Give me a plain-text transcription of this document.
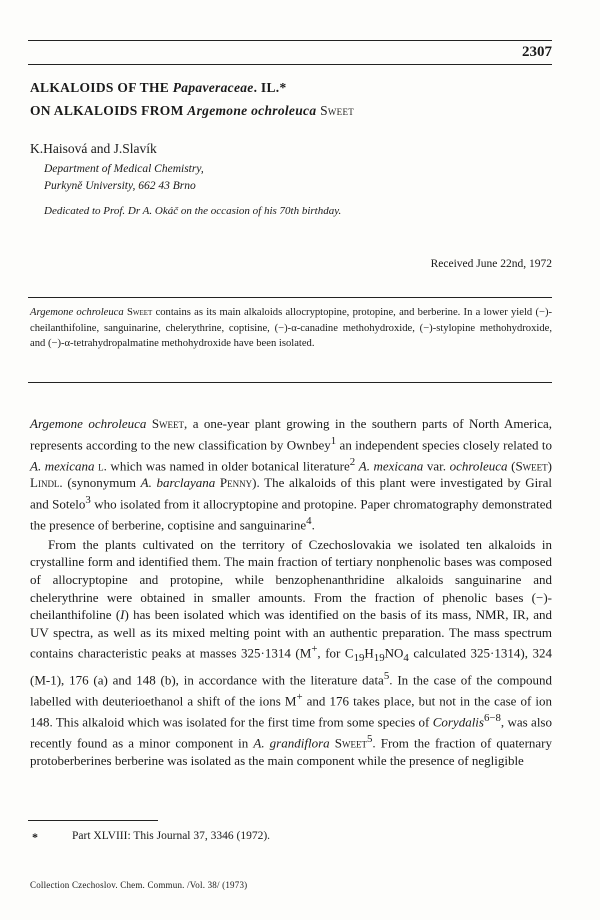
2307
ALKALOIDS OF THE Papaveraceae. IL.*
ON ALKALOIDS FROM Argemone ochroleuca Sweet
K.Haisová and J.Slavík
Department of Medical Chemistry,
Purkyně University, 662 43 Brno
Dedicated to Prof. Dr A. Okáč on the occasion of his 70th birthday.
Received June 22nd, 1972

Argemone ochroleuca Sweet contains as its main alkaloids allocryptopine, protopine, and berberine. In a lower yield (−)-cheilanthifoline, sanguinarine, chelerythrine, coptisine, (−)-α-canadine methohydroxide, (−)-stylopine methohydroxide, and (−)-α-tetrahydropalmatine methohydroxide have been isolated.

Argemone ochroleuca Sweet, a one-year plant growing in the southern parts of North America, represents according to the new classification by Ownbey$^1$ an independent species closely related to A. mexicana l. which was named in older botanical literature$^2$ A. mexicana var. ochroleuca (Sweet) Lindl. (synonymum A. barclayana Penny). The alkaloids of this plant were investigated by Giral and Sotelo$^3$ who isolated from it allocryptopine and protopine. Paper chromatography demonstrated the presence of berberine, coptisine and sanguinarine$^4$.

From the plants cultivated on the territory of Czechoslovakia we isolated ten alkaloids in crystalline form and identified them. The main fraction of tertiary nonphenolic bases was composed of allocryptopine and protopine, while benzophenanthridine alkaloids sanguinarine and chelerythrine were obtained in smaller amounts. From the fraction of phenolic bases (−)-cheilanthifoline (I) has been isolated which was identified on the basis of its mass, NMR, IR, and UV spectra, as well as its mixed melting point with an authentic preparation. The mass spectrum contains characteristic peaks at masses 325·1314 (M+, for $C_{19}H_{19}NO_4$ calculated 325·1314), 324 (M-1), 176 (a) and 148 (b), in accordance with the literature data$^5$. In the case of the compound labelled with deuterioethanol a shift of the ions M+ and 176 takes place, but not in the case of ion 148. This alkaloid which was isolated for the first time from some species of Corydalis$^{6-8}$, was also recently found as a minor component in A. grandiflora Sweet$^5$. From the fraction of quaternary protoberberines berberine was isolated as the main component while the presence of negligible

*	Part XLVIII: This Journal 37, 3346 (1972).
Collection Czechoslov. Chem. Commun. /Vol. 38/ (1973)
